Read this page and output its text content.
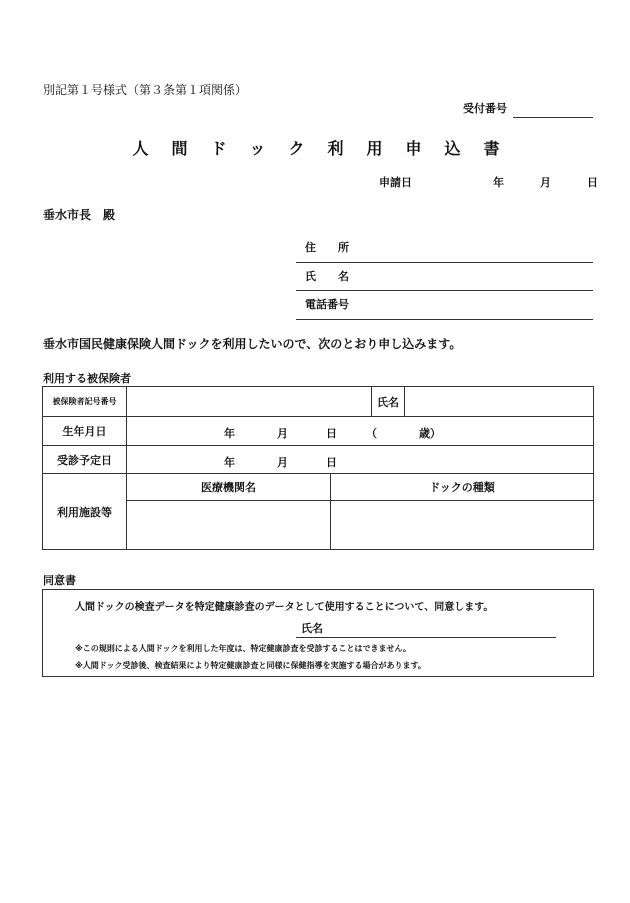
別記第１号様式（第３条第１項関係）
受付番号
人 間 ド ッ ク 利 用 申 込 書
申請日	年	月	日
垂水市長　殿
住　　所
氏　　名
電話番号
垂水市国民健康保険人間ドックを利用したいので、次のとおり申し込みます。
利用する被保険者
被保険者記号番号			氏名	
生年月日	年 月 日 （ 歳）			

受診予定日	年 月 日			

利用施設等	医療機関名	ドックの種類		

同意書
人間ドックの検査データを特定健康診査のデータとして使用することについて、同意します。
氏名
※この規則による人間ドックを利用した年度は、特定健康診査を受診することはできません。
※人間ドック受診後、検査結果により特定健康診査と同様に保健指導を実施する場合があります。
